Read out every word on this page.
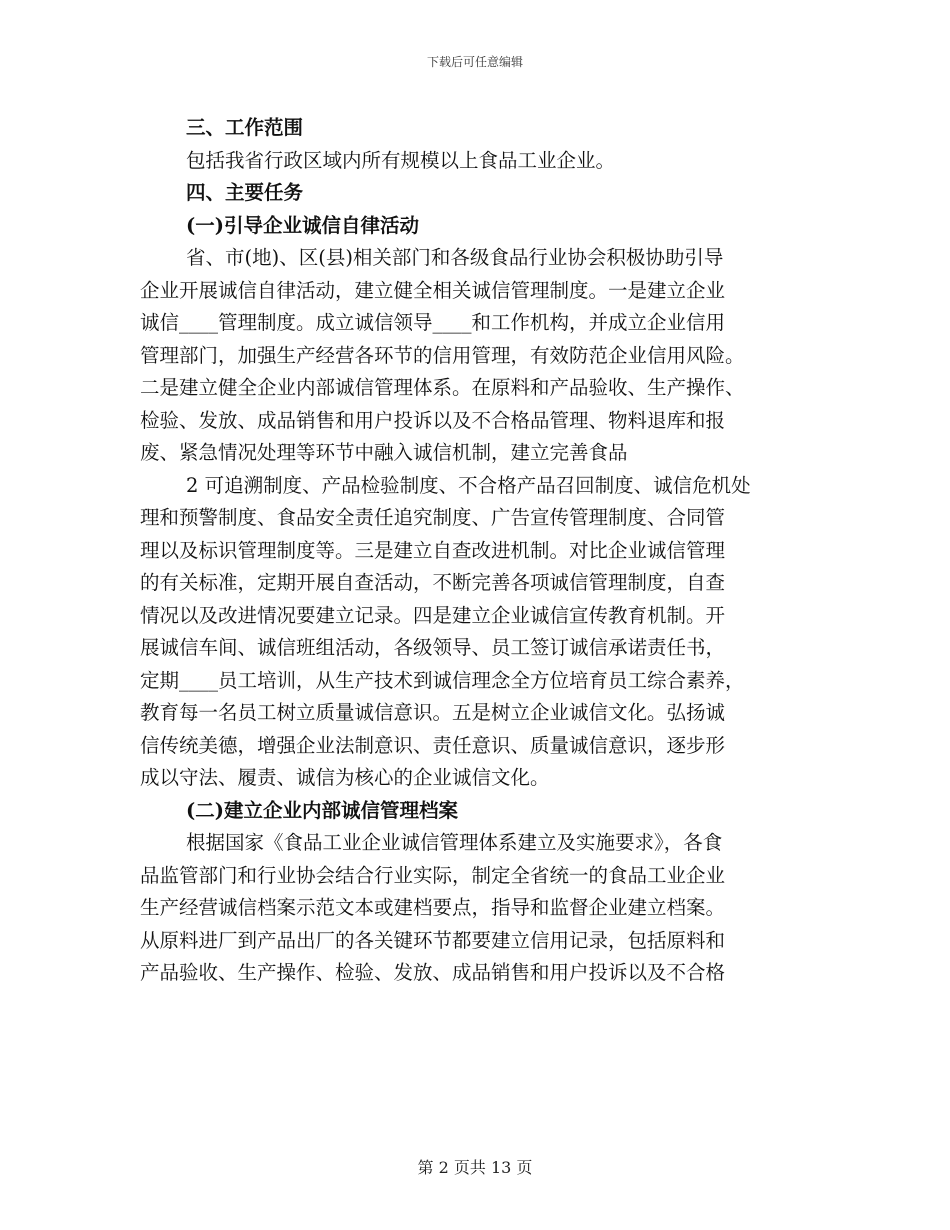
下载后可任意编辑
三、工作范围
包括我省行政区域内所有规模以上食品工业企业。
四、主要任务
(一)引导企业诚信自律活动
省、市(地)、区(县)相关部门和各级食品行业协会积极协助引导
企业开展诚信自律活动，建立健全相关诚信管理制度。一是建立企业
诚信____管理制度。成立诚信领导____和工作机构，并成立企业信用
管理部门，加强生产经营各环节的信用管理，有效防范企业信用风险。
二是建立健全企业内部诚信管理体系。在原料和产品验收、生产操作、
检验、发放、成品销售和用户投诉以及不合格品管理、物料退库和报
废、紧急情况处理等环节中融入诚信机制，建立完善食品
2 可追溯制度、产品检验制度、不合格产品召回制度、诚信危机处
理和预警制度、食品安全责任追究制度、广告宣传管理制度、合同管
理以及标识管理制度等。三是建立自查改进机制。对比企业诚信管理
的有关标准，定期开展自查活动，不断完善各项诚信管理制度，自查
情况以及改进情况要建立记录。四是建立企业诚信宣传教育机制。开
展诚信车间、诚信班组活动，各级领导、员工签订诚信承诺责任书，
定期____员工培训，从生产技术到诚信理念全方位培育员工综合素养，
教育每一名员工树立质量诚信意识。五是树立企业诚信文化。弘扬诚
信传统美德，增强企业法制意识、责任意识、质量诚信意识，逐步形
成以守法、履责、诚信为核心的企业诚信文化。
(二)建立企业内部诚信管理档案
根据国家《食品工业企业诚信管理体系建立及实施要求》，各食
品监管部门和行业协会结合行业实际，制定全省统一的食品工业企业
生产经营诚信档案示范文本或建档要点，指导和监督企业建立档案。
从原料进厂到产品出厂的各关键环节都要建立信用记录，包括原料和
产品验收、生产操作、检验、发放、成品销售和用户投诉以及不合格
第 2 页共 13 页
